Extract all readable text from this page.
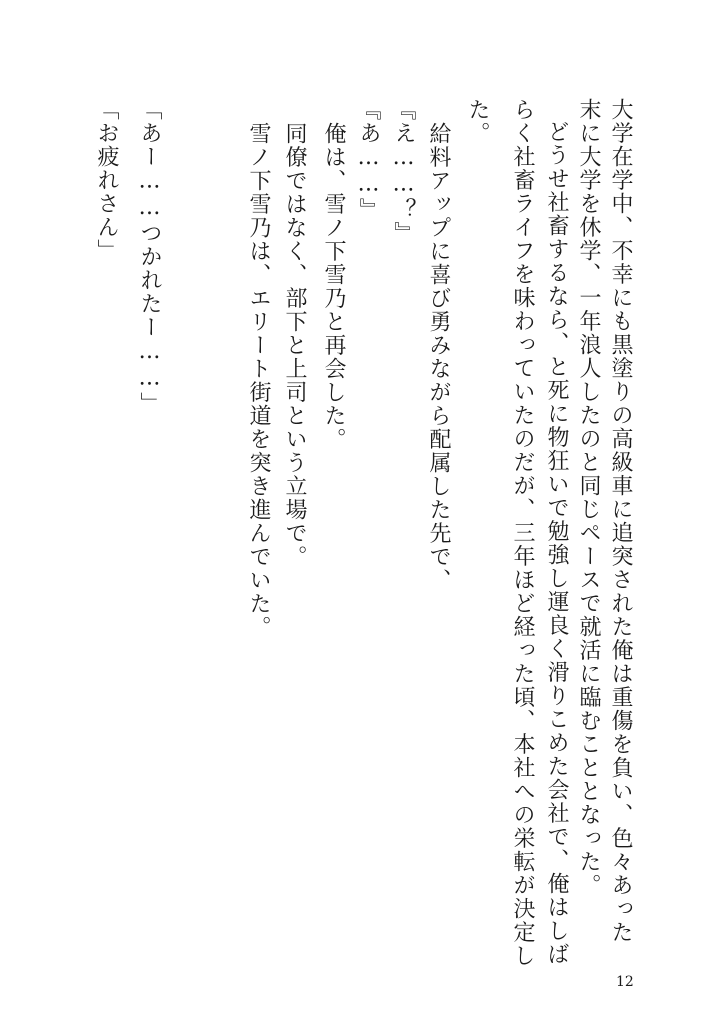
大学在学中、不幸にも黒塗りの高級車に追突された俺は重傷を負い、色々あった

末に大学を休学、一年浪人したのと同じペースで就活に臨むこととなった。

どうせ社畜するなら、と死に物狂いで勉強し運良く滑りこめた会社で、俺はしば

らく社畜ライフを味わっていたのだが、三年ほど経った頃、本社への栄転が決定し

た。

給料アップに喜び勇みながら配属した先で、

『え……？』

『あ……』

俺は、雪ノ下雪乃と再会した。

同僚ではなく、部下と上司という立場で。

雪ノ下雪乃は、エリート街道を突き進んでいた。

「あー……つかれたー……」

「お疲れさん」

12
